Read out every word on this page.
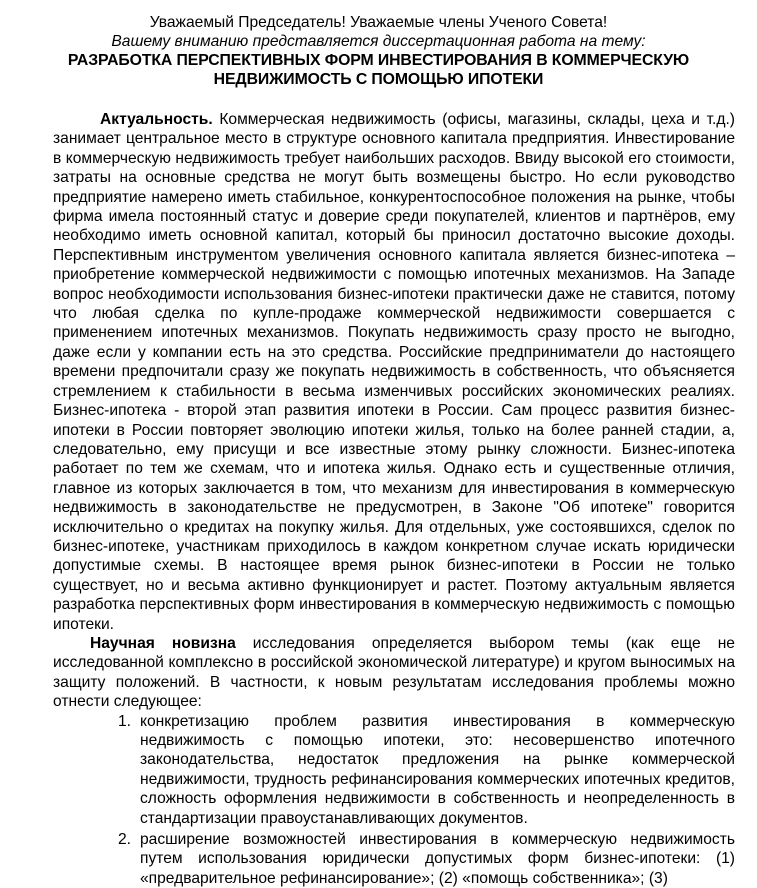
Уважаемый Председатель! Уважаемые члены Ученого Совета!
Вашему вниманию представляется диссертационная работа на тему:
РАЗРАБОТКА ПЕРСПЕКТИВНЫХ ФОРМ ИНВЕСТИРОВАНИЯ В КОММЕРЧЕСКУЮ
НЕДВИЖИМОСТЬ С ПОМОЩЬЮ ИПОТЕКИ

Актуальность. Коммерческая недвижимость (офисы, магазины, склады, цеха и т.д.) занимает центральное место в структуре основного капитала предприятия. Инвестирование в коммерческую недвижимость требует наибольших расходов. Ввиду высокой его стоимости, затраты на основные средства не могут быть возмещены быстро. Но если руководство предприятие намерено иметь стабильное, конкурентоспособное положения на рынке, чтобы фирма имела постоянный статус и доверие среди покупателей, клиентов и партнёров, ему необходимо иметь основной капитал, который бы приносил достаточно высокие доходы. Перспективным инструментом увеличения основного капитала является бизнес-ипотека – приобретение коммерческой недвижимости с помощью ипотечных механизмов. На Западе вопрос необходимости использования бизнес-ипотеки практически даже не ставится, потому что любая сделка по купле-продаже коммерческой недвижимости совершается с применением ипотечных механизмов. Покупать недвижимость сразу просто не выгодно, даже если у компании есть на это средства. Российские предприниматели до настоящего времени предпочитали сразу же покупать недвижимость в собственность, что объясняется стремлением к стабильности в весьма изменчивых российских экономических реалиях. Бизнес-ипотека - второй этап развития ипотеки в России. Сам процесс развития бизнес-ипотеки в России повторяет эволюцию ипотеки жилья, только на более ранней стадии, а, следовательно, ему присущи и все известные этому рынку сложности. Бизнес-ипотека работает по тем же схемам, что и ипотека жилья. Однако есть и существенные отличия, главное из которых заключается в том, что механизм для инвестирования в коммерческую недвижимость в законодательстве не предусмотрен, в Законе "Об ипотеке" говорится исключительно о кредитах на покупку жилья. Для отдельных, уже состоявшихся, сделок по бизнес-ипотеке, участникам приходилось в каждом конкретном случае искать юридически допустимые схемы. В настоящее время рынок бизнес-ипотеки в России не только существует, но и весьма активно функционирует и растет. Поэтому актуальным является разработка перспективных форм инвестирования в коммерческую недвижимость с помощью ипотеки.

Научная новизна исследования определяется выбором темы (как еще не исследованной комплексно в российской экономической литературе) и кругом выносимых на защиту положений. В частности, к новым результатам исследования проблемы можно отнести следующее:

1. конкретизацию проблем развития инвестирования в коммерческую недвижимость с помощью ипотеки, это: несовершенство ипотечного законодательства, недостаток предложения на рынке коммерческой недвижимости, трудность рефинансирования коммерческих ипотечных кредитов, сложность оформления недвижимости в собственность и неопределенность в стандартизации правоустанавливающих документов.
2. расширение возможностей инвестирования в коммерческую недвижимость путем использования юридически допустимых форм бизнес-ипотеки: (1) «предварительное рефинансирование»; (2) «помощь собственника»; (3)
